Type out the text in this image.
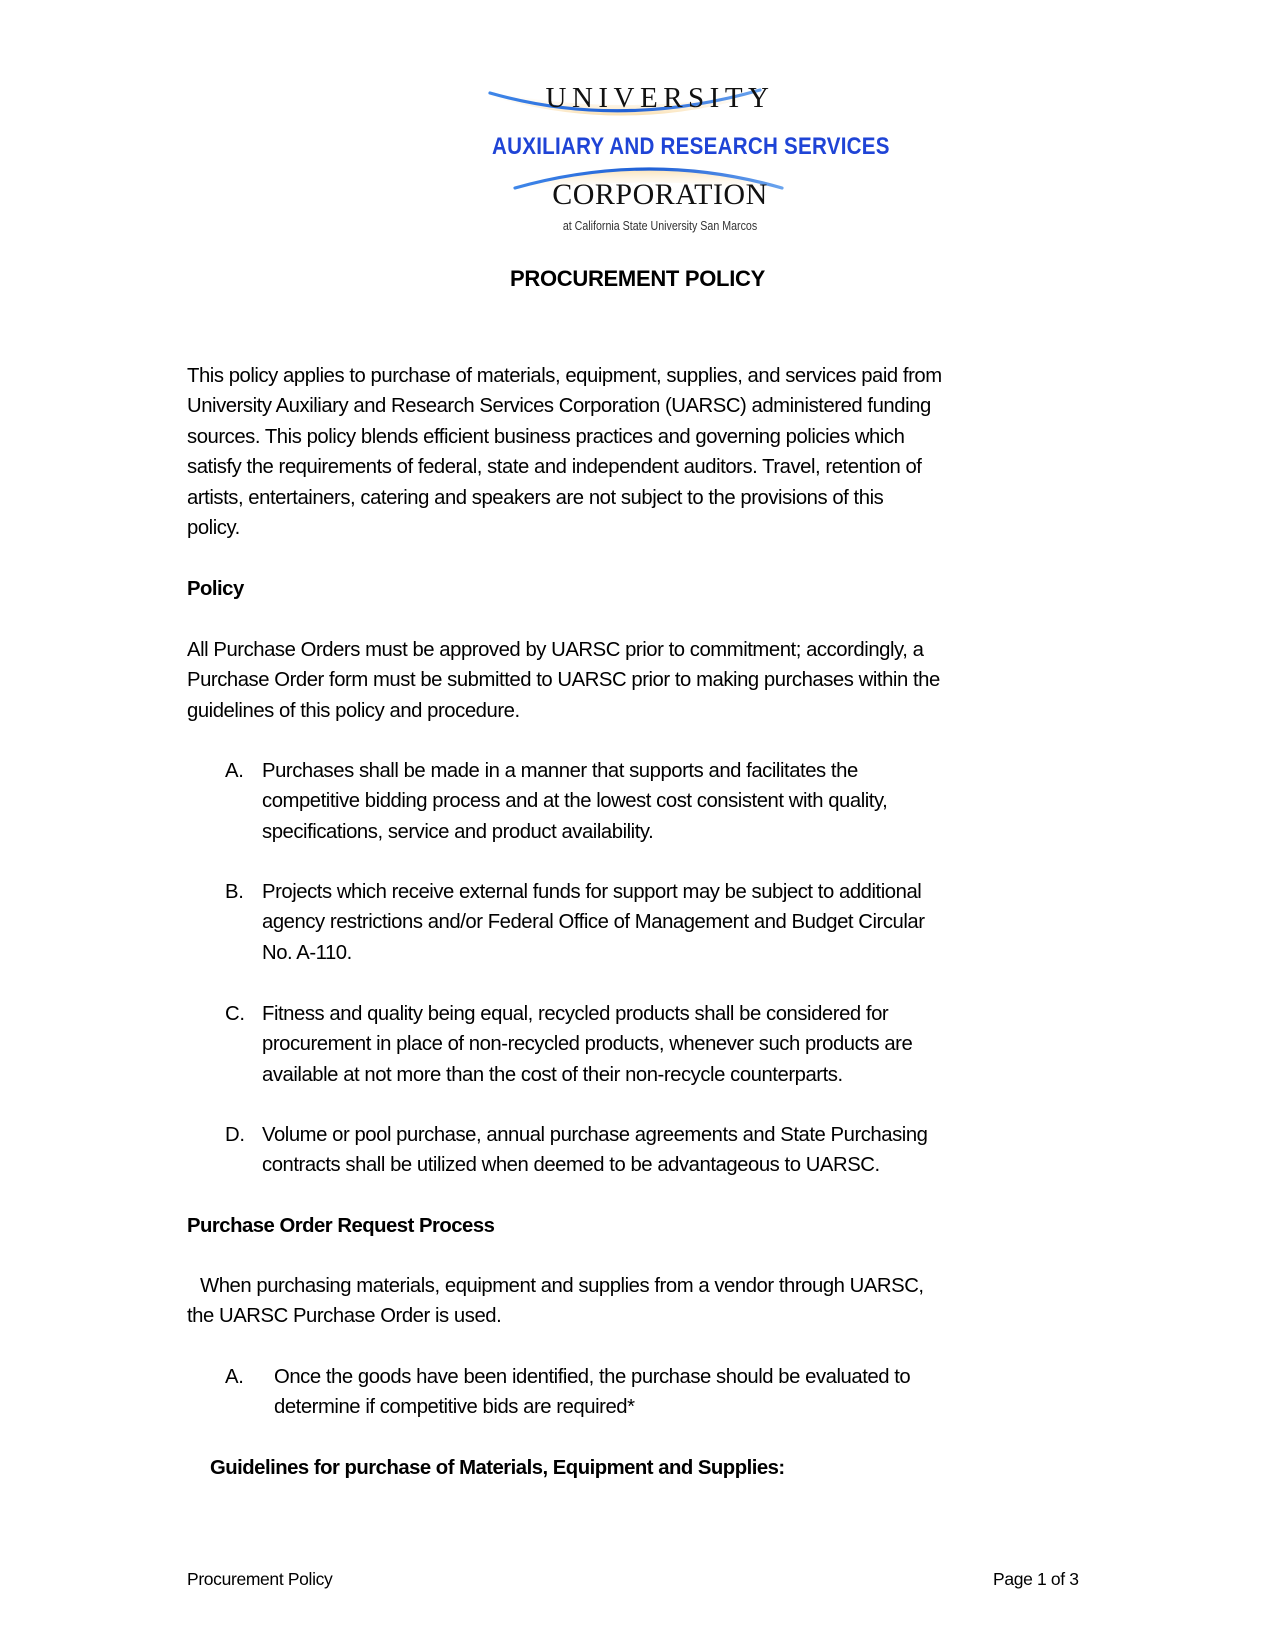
UNIVERSITY
AUXILIARY AND RESEARCH SERVICES
CORPORATION
at California State University San Marcos
PROCUREMENT POLICY
This policy applies to purchase of materials, equipment, supplies, and services paid from
University Auxiliary and Research Services Corporation (UARSC) administered funding
sources. This policy blends efficient business practices and governing policies which
satisfy the requirements of federal, state and independent auditors. Travel, retention of
artists, entertainers, catering and speakers are not subject to the provisions of this
policy.
Policy
All Purchase Orders must be approved by UARSC prior to commitment; accordingly, a
Purchase Order form must be submitted to UARSC prior to making purchases within the
guidelines of this policy and procedure.
A. Purchases shall be made in a manner that supports and facilitates the
competitive bidding process and at the lowest cost consistent with quality,
specifications, service and product availability.
B. Projects which receive external funds for support may be subject to additional
agency restrictions and/or Federal Office of Management and Budget Circular
No. A-110.
C. Fitness and quality being equal, recycled products shall be considered for
procurement in place of non-recycled products, whenever such products are
available at not more than the cost of their non-recycle counterparts.
D. Volume or pool purchase, annual purchase agreements and State Purchasing
contracts shall be utilized when deemed to be advantageous to UARSC.
Purchase Order Request Process
When purchasing materials, equipment and supplies from a vendor through UARSC,
the UARSC Purchase Order is used.
A. Once the goods have been identified, the purchase should be evaluated to
determine if competitive bids are required*
Guidelines for purchase of Materials, Equipment and Supplies:
Procurement Policy	Page 1 of 3
